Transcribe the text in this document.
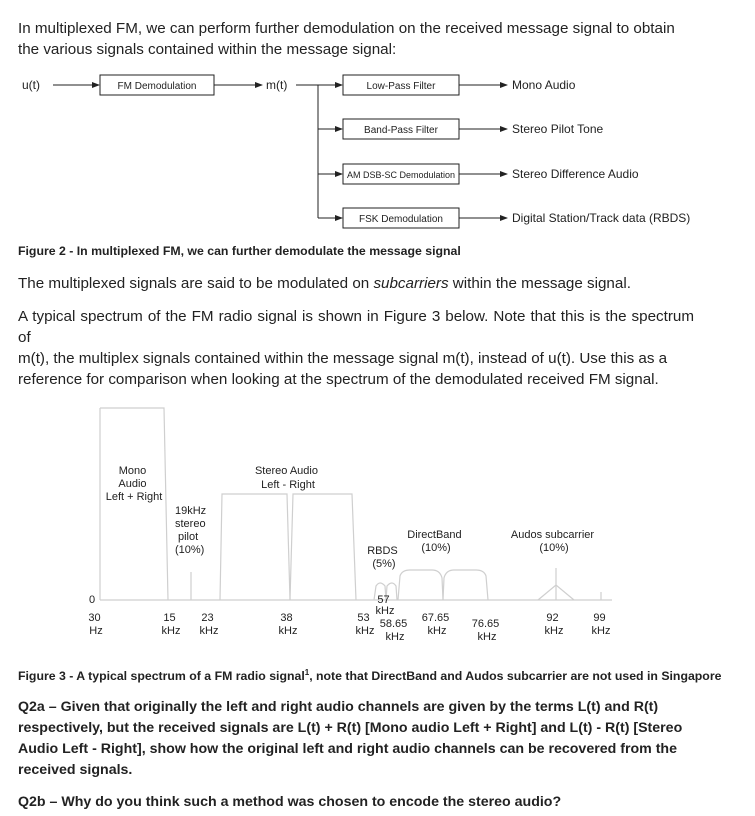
In multiplexed FM, we can perform further demodulation on the received message signal to obtain
the various signals contained within the message signal:
u(t)	FM Demodulation	m(t)	Low-Pass Filter	Mono Audio
Band-Pass Filter	Stereo Pilot Tone
AM DSB-SC Demodulation	Stereo Difference Audio
FSK Demodulation	Digital Station/Track data (RBDS)
Figure 2 - In multiplexed FM, we can further demodulate the message signal
The multiplexed signals are said to be modulated on subcarriers within the message signal.
A typical spectrum of the FM radio signal is shown in Figure 3 below. Note that this is the spectrum of
m(t), the multiplex signals contained within the message signal m(t), instead of u(t). Use this as a
reference for comparison when looking at the spectrum of the demodulated received FM signal.
0
Mono Audio Left + Right
Stereo Audio Left - Right
19kHz stereo pilot (10%)
DirectBand (10%)
RBDS (5%)
Audos subcarrier (10%)
30 Hz
15 kHz
23 kHz
38 kHz
53 kHz
57 kHz
58.65 kHz
67.65 kHz
76.65 kHz
92 kHz
99 kHz
Figure 3 - A typical spectrum of a FM radio signal$^1$, note that DirectBand and Audos subcarrier are not used in Singapore
Q2a – Given that originally the left and right audio channels are given by the terms L(t) and R(t)
respectively, but the received signals are L(t) + R(t) [Mono audio Left + Right] and L(t) - R(t) [Stereo
Audio Left - Right], show how the original left and right audio channels can be recovered from the
received signals.
Q2b – Why do you think such a method was chosen to encode the stereo audio?
